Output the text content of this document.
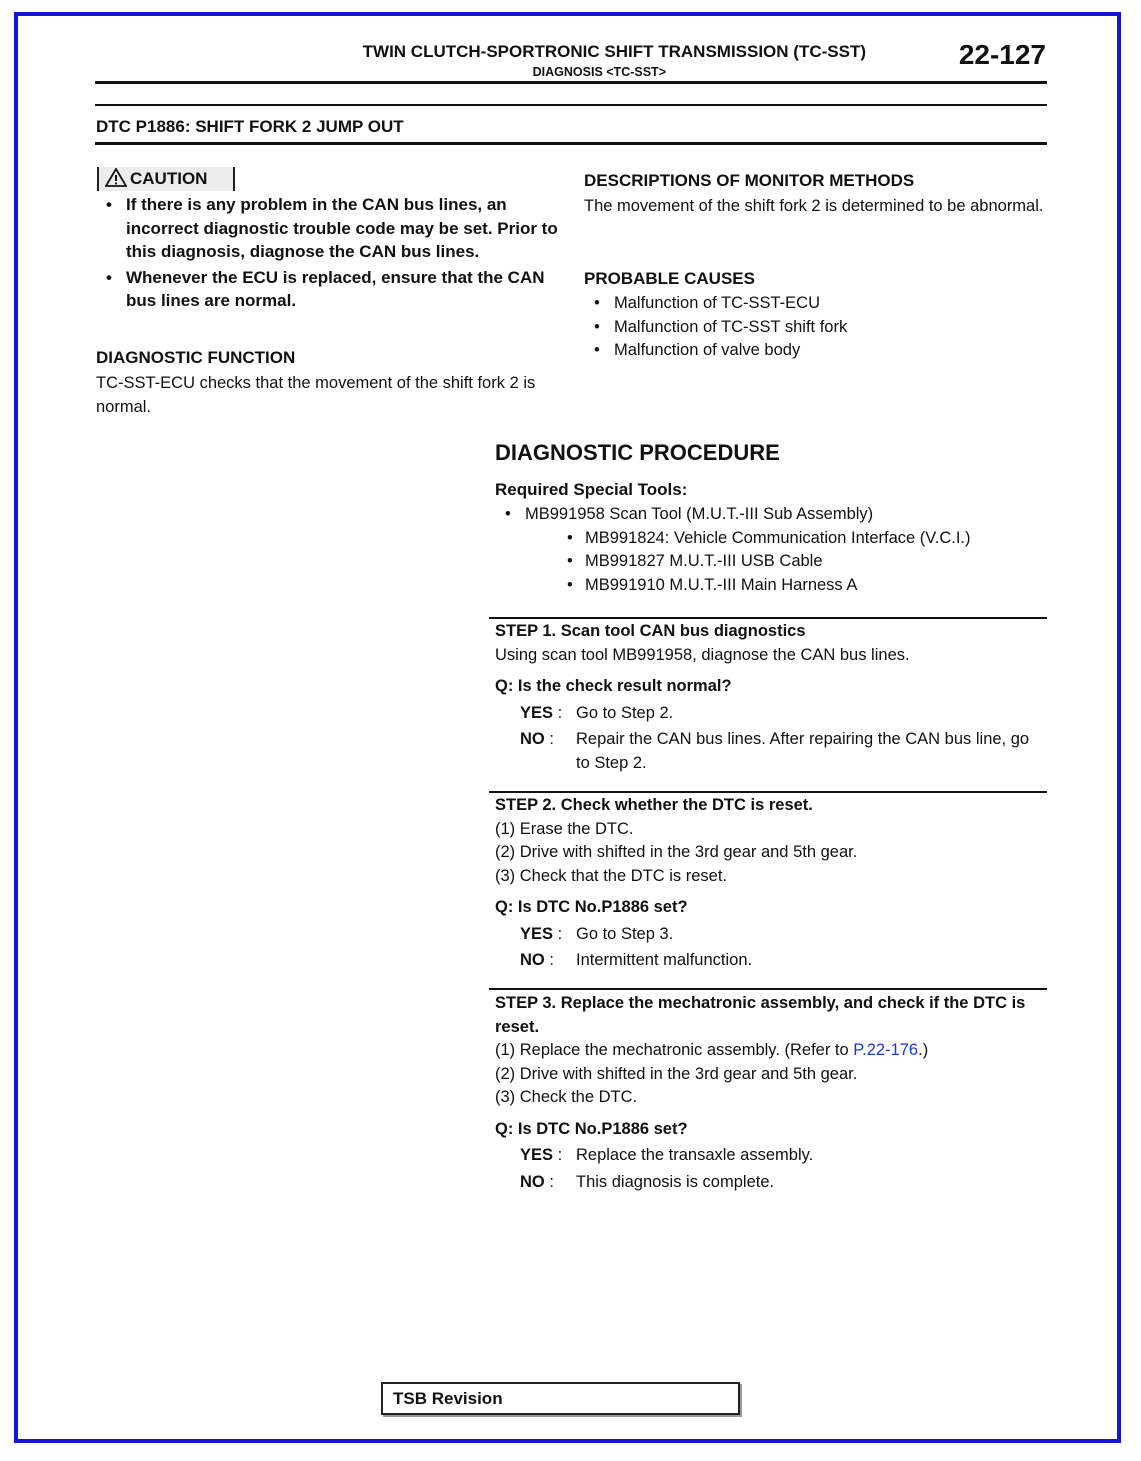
TWIN CLUTCH-SPORTRONIC SHIFT TRANSMISSION (TC-SST)
DIAGNOSIS <TC-SST>
22-127
DTC P1886: SHIFT FORK 2 JUMP OUT
CAUTION
• If there is any problem in the CAN bus lines, an incorrect diagnostic trouble code may be set. Prior to this diagnosis, diagnose the CAN bus lines.
• Whenever the ECU is replaced, ensure that the CAN bus lines are normal.
DIAGNOSTIC FUNCTION
TC-SST-ECU checks that the movement of the shift fork 2 is normal.
DESCRIPTIONS OF MONITOR METHODS
The movement of the shift fork 2 is determined to be abnormal.
PROBABLE CAUSES
• Malfunction of TC-SST-ECU
• Malfunction of TC-SST shift fork
• Malfunction of valve body
DIAGNOSTIC PROCEDURE
Required Special Tools:
• MB991958 Scan Tool (M.U.T.-III Sub Assembly)
• MB991824: Vehicle Communication Interface (V.C.I.)
• MB991827 M.U.T.-III USB Cable
• MB991910 M.U.T.-III Main Harness A
STEP 1. Scan tool CAN bus diagnostics
Using scan tool MB991958, diagnose the CAN bus lines.
Q: Is the check result normal?
YES : Go to Step 2.
NO :	Repair the CAN bus lines. After repairing the CAN bus line, go to Step 2.
STEP 2. Check whether the DTC is reset.
(1) Erase the DTC.
(2) Drive with shifted in the 3rd gear and 5th gear.
(3) Check that the DTC is reset.
Q: Is DTC No.P1886 set?
YES : Go to Step 3.
NO :	Intermittent malfunction.
STEP 3. Replace the mechatronic assembly, and check if the DTC is reset.
(1) Replace the mechatronic assembly. (Refer to P.22-176.)
(2) Drive with shifted in the 3rd gear and 5th gear.
(3) Check the DTC.
Q: Is DTC No.P1886 set?
YES : Replace the transaxle assembly.
NO :	This diagnosis is complete.
TSB Revision
